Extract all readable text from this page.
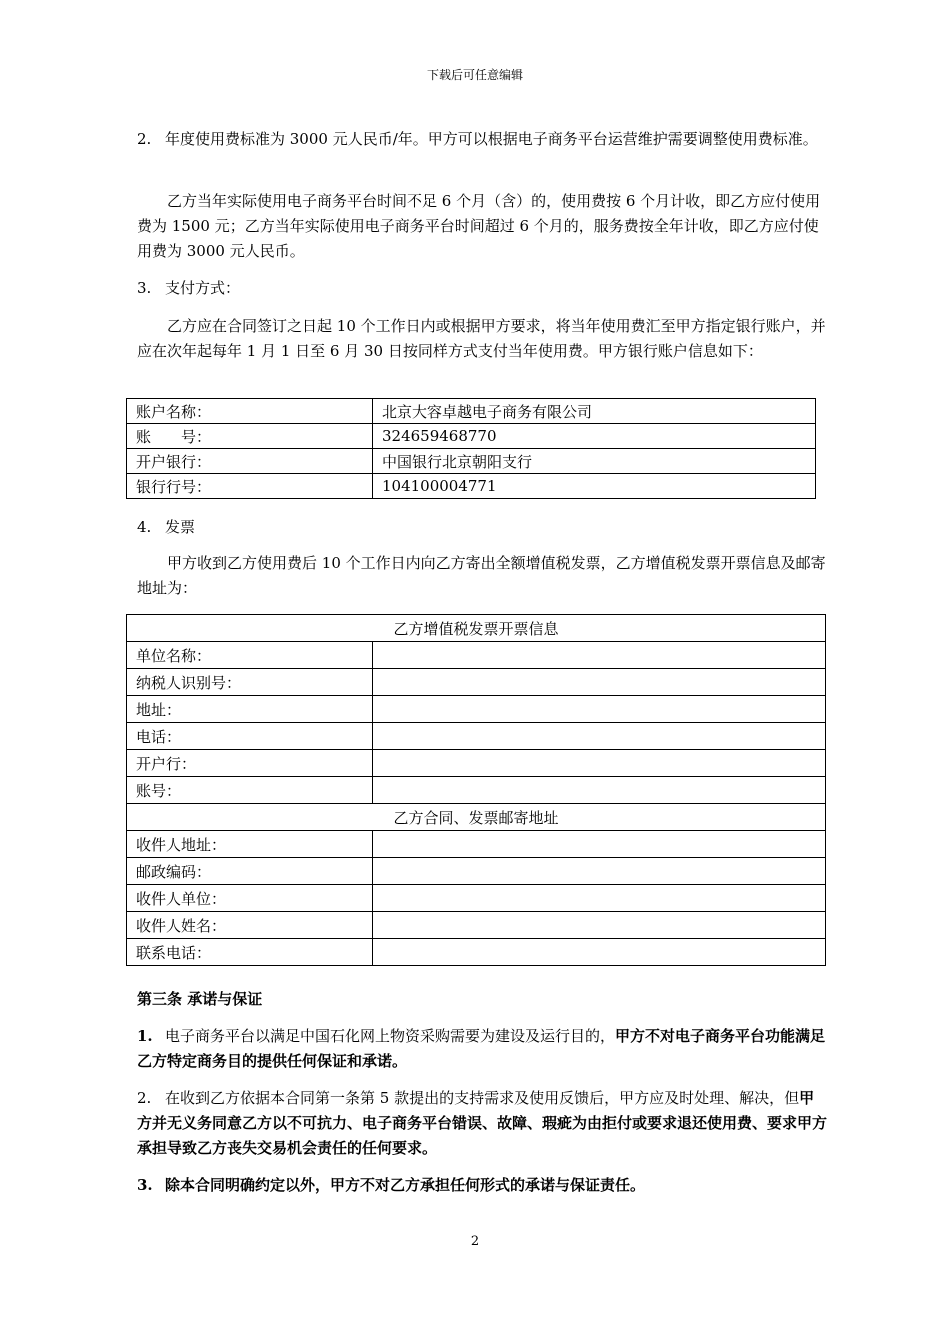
下载后可任意编辑

2. 年度使用费标准为 3000 元人民币/年。甲方可以根据电子商务平台运营维护需要调整使用费标准。

乙方当年实际使用电子商务平台时间不足 6 个月（含）的，使用费按 6 个月计收，即乙方应付使用费为 1500 元；乙方当年实际使用电子商务平台时间超过 6 个月的，服务费按全年计收，即乙方应付使用费为 3000 元人民币。

3. 支付方式：

乙方应在合同签订之日起 10 个工作日内或根据甲方要求，将当年使用费汇至甲方指定银行账户，并应在次年起每年 1 月 1 日至 6 月 30 日按同样方式支付当年使用费。甲方银行账户信息如下：

账户名称：	北京大容卓越电子商务有限公司
账　　号：	324659468770
开户银行：	中国银行北京朝阳支行
银行行号：	104100004771

4. 发票

甲方收到乙方使用费后 10 个工作日内向乙方寄出全额增值税发票，乙方增值税发票开票信息及邮寄地址为：

乙方增值税发票开票信息	
单位名称：	
纳税人识别号：	
地址：	
电话：	
开户行：	
账号：	
乙方合同、发票邮寄地址	
收件人地址：	
邮政编码：	
收件人单位：	
收件人姓名：	
联系电话：	

第三条 承诺与保证

1. 电子商务平台以满足中国石化网上物资采购需要为建设及运行目的，甲方不对电子商务平台功能满足乙方特定商务目的提供任何保证和承诺。

2. 在收到乙方依据本合同第一条第 5 款提出的支持需求及使用反馈后，甲方应及时处理、解决，但甲方并无义务同意乙方以不可抗力、电子商务平台错误、故障、瑕疵为由拒付或要求退还使用费、要求甲方承担导致乙方丧失交易机会责任的任何要求。

3. 除本合同明确约定以外，甲方不对乙方承担任何形式的承诺与保证责任。

2
